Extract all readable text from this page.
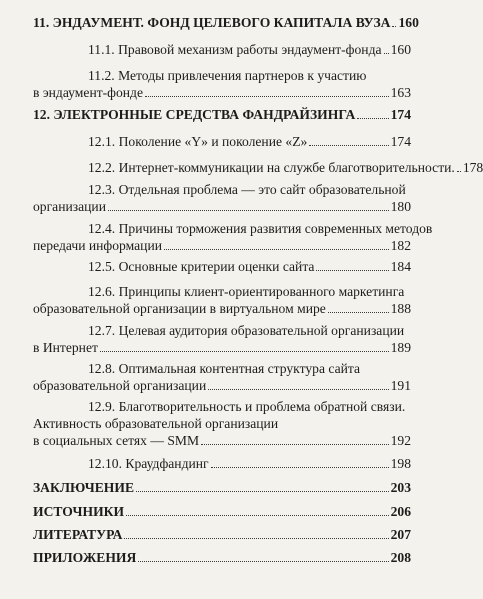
11. ЭНДАУМЕНТ. ФОНД ЦЕЛЕВОГО КАПИТАЛА ВУЗА 160
11.1. Правовой механизм работы эндаумент-фонда 160
11.2. Методы привлечения партнеров к участию
в эндаумент-фонде	163
12. ЭЛЕКТРОННЫЕ СРЕДСТВА ФАНДРАЙЗИНГА	174
12.1. Поколение «Y» и поколение «Z»	174
12.2. Интернет-коммуникации на службе благотворительности. 178
12.3. Отдельная проблема — это сайт образовательной
организации	180
12.4. Причины торможения развития современных методов
передачи информации	182
12.5. Основные критерии оценки сайта	184
12.6. Принципы клиент-ориентированного маркетинга
образовательной организации в виртуальном мире	188
12.7. Целевая аудитория образовательной организации
в Интернет	189
12.8. Оптимальная контентная структура сайта
образовательной организации	191
12.9. Благотворительность и проблема обратной связи.
Активность образовательной организации
в социальных сетях — SMM	192
12.10. Краудфандинг	198
ЗАКЛЮЧЕНИЕ	203
ИСТОЧНИКИ	206
ЛИТЕРАТУРА	207
ПРИЛОЖЕНИЯ	208
